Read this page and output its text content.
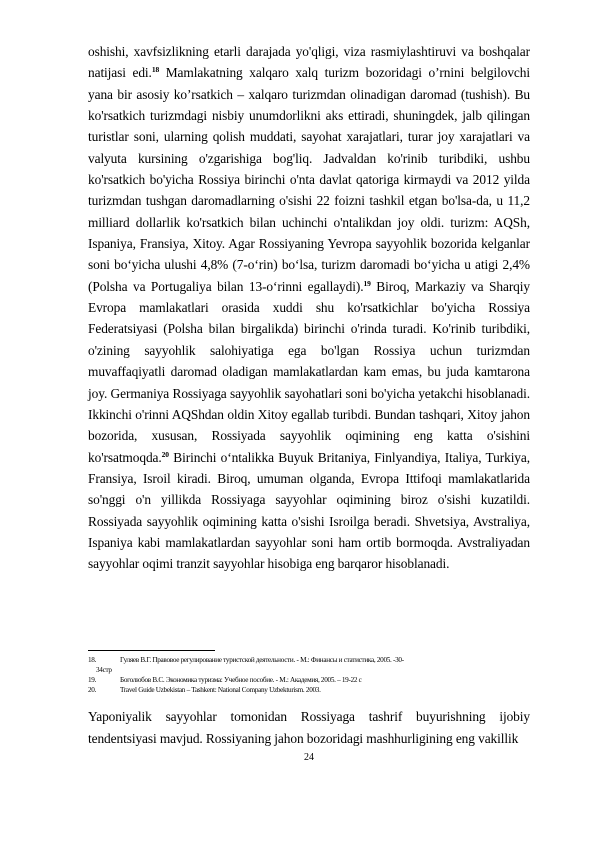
oshishi, xavfsizlikning etarli darajada yo'qligi, viza rasmiylashtiruvi va boshqalar natijasi edi.$^{18}$ Mamlakatning xalqaro xalq turizm bozoridagi o’rnini belgilovchi yana bir asosiy ko’rsatkich – xalqaro turizmdan olinadigan daromad (tushish). Bu ko'rsatkich turizmdagi nisbiy unumdorlikni aks ettiradi, shuningdek, jalb qilingan turistlar soni, ularning qolish muddati, sayohat xarajatlari, turar joy xarajatlari va valyuta kursining o'zgarishiga bog'liq. Jadvaldan ko'rinib turibdiki, ushbu ko'rsatkich bo'yicha Rossiya birinchi o'nta davlat qatoriga kirmaydi va 2012 yilda turizmdan tushgan daromadlarning o'sishi 22 foizni tashkil etgan bo'lsa-da, u 11,2 milliard dollarlik ko'rsatkich bilan uchinchi o'ntalikdan joy oldi. turizm: AQSh, Ispaniya, Fransiya, Xitoy. Agar Rossiyaning Yevropa sayyohlik bozorida kelganlar soni bo‘yicha ulushi 4,8% (7-o‘rin) bo‘lsa, turizm daromadi bo‘yicha u atigi 2,4% (Polsha va Portugaliya bilan 13-o‘rinni egallaydi).$^{19}$ Biroq, Markaziy va Sharqiy Evropa mamlakatlari orasida xuddi shu ko'rsatkichlar bo'yicha Rossiya Federatsiyasi (Polsha bilan birgalikda) birinchi o'rinda turadi. Ko'rinib turibdiki, o'zining sayyohlik salohiyatiga ega bo'lgan Rossiya uchun turizmdan muvaffaqiyatli daromad oladigan mamlakatlardan kam emas, bu juda kamtarona joy. Germaniya Rossiyaga sayyohlik sayohatlari soni bo'yicha yetakchi hisoblanadi. Ikkinchi o'rinni AQShdan oldin Xitoy egallab turibdi. Bundan tashqari, Xitoy jahon bozorida, xususan, Rossiyada sayyohlik oqimining eng katta o'sishini ko'rsatmoqda.$^{20}$ Birinchi o‘ntalikka Buyuk Britaniya, Finlyandiya, Italiya, Turkiya, Fransiya, Isroil kiradi. Biroq, umuman olganda, Evropa Ittifoqi mamlakatlarida so'nggi o'n yillikda Rossiyaga sayyohlar oqimining biroz o'sishi kuzatildi. Rossiyada sayyohlik oqimining katta o'sishi Isroilga beradi. Shvetsiya, Avstraliya, Ispaniya kabi mamlakatlardan sayyohlar soni ham ortib bormoqda. Avstraliyadan sayyohlar oqimi tranzit sayyohlar hisobiga eng barqaror hisoblanadi.
18.	Гуляев В.Г. Правовое регулирование туристской деятельности. - М.: Финансы и статистика, 2005. -30-
34стр
19.	Боголюбов В.С. Экономика туризма: Учебное пособие. - М.: Академия, 2005. – 19-22 с
20.	Travel Guide Uzbekistan – Tashkent: National Company Uzbekturism. 2003.
Yaponiyalik sayyohlar tomonidan Rossiyaga tashrif buyurishning ijobiy tendentsiyasi mavjud. Rossiyaning jahon bozoridagi mashhurligining eng vakillik
24
